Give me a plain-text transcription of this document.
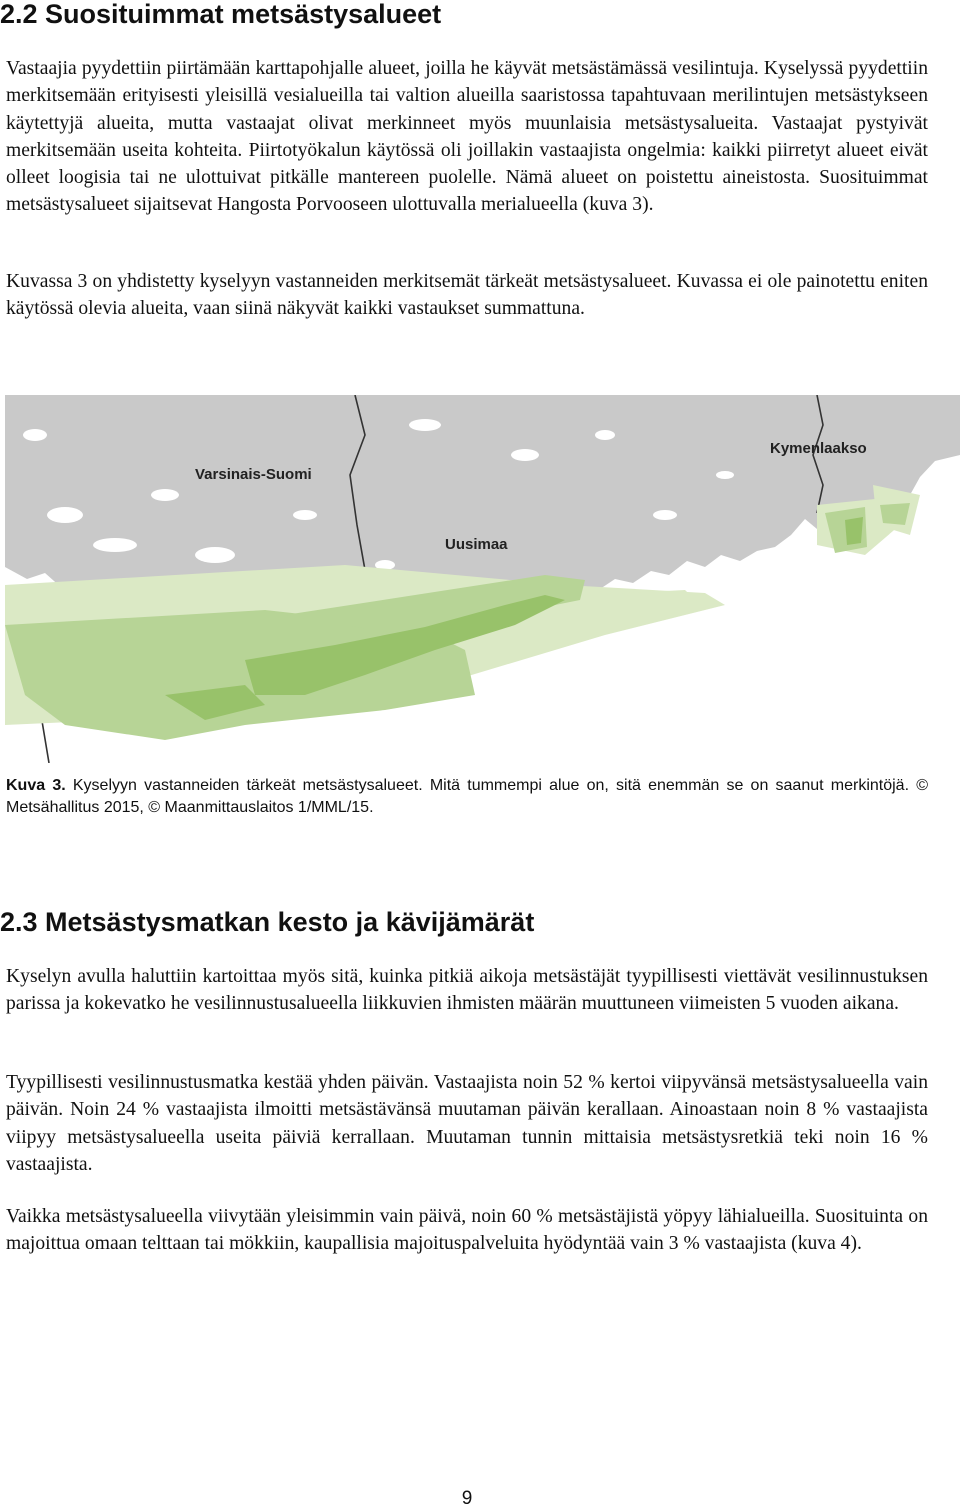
2.2 Suosituimmat metsästysalueet

Vastaajia pyydettiin piirtämään karttapohjalle alueet, joilla he käyvät metsästämässä vesilintuja. Kyselyssä pyydettiin merkitsemään erityisesti yleisillä vesialueilla tai valtion alueilla saaristossa tapahtuvaan merilintujen metsästykseen käytettyjä alueita, mutta vastaajat olivat merkinneet myös muunlaisia metsästysalueita. Vastaajat pystyivät merkitsemään useita kohteita. Piirtotyökalun käytössä oli joillakin vastaajista ongelmia: kaikki piirretyt alueet eivät olleet loogisia tai ne ulottuivat pitkälle mantereen puolelle. Nämä alueet on poistettu aineistosta. Suosituimmat metsästysalueet sijaitsevat Hangosta Porvooseen ulottuvalla merialueella (kuva 3).

Kuvassa 3 on yhdistetty kyselyyn vastanneiden merkitsemät tärkeät metsästysalueet. Kuvassa ei ole painotettu eniten käytössä olevia alueita, vaan siinä näkyvät kaikki vastaukset summattuna.

Varsinais-Suomi
Uusimaa
Kymenlaakso

Kuva 3. Kyselyyn vastanneiden tärkeät metsästysalueet. Mitä tummempi alue on, sitä enemmän se on saanut merkintöjä. © Metsähallitus 2015, © Maanmittauslaitos 1/MML/15.

2.3 Metsästysmatkan kesto ja kävijämärät

Kyselyn avulla haluttiin kartoittaa myös sitä, kuinka pitkiä aikoja metsästäjät tyypillisesti viettävät vesilinnustuksen parissa ja kokevatko he vesilinnustusalueella liikkuvien ihmisten määrän muuttuneen viimeisten 5 vuoden aikana.

Tyypillisesti vesilinnustusmatka kestää yhden päivän. Vastaajista noin 52 % kertoi viipyvänsä metsästysalueella vain päivän. Noin 24 % vastaajista ilmoitti metsästävänsä muutaman päivän kerallaan. Ainoastaan noin 8 % vastaajista viipyy metsästysalueella useita päiviä kerrallaan. Muutaman tunnin mittaisia metsästysretkiä teki noin 16 % vastaajista.

Vaikka metsästysalueella viivytään yleisimmin vain päivä, noin 60 % metsästäjistä yöpyy lähialueilla. Suosituinta on majoittua omaan telttaan tai mökkiin, kaupallisia majoituspalveluita hyödyntää vain 3 % vastaajista (kuva 4).

9
